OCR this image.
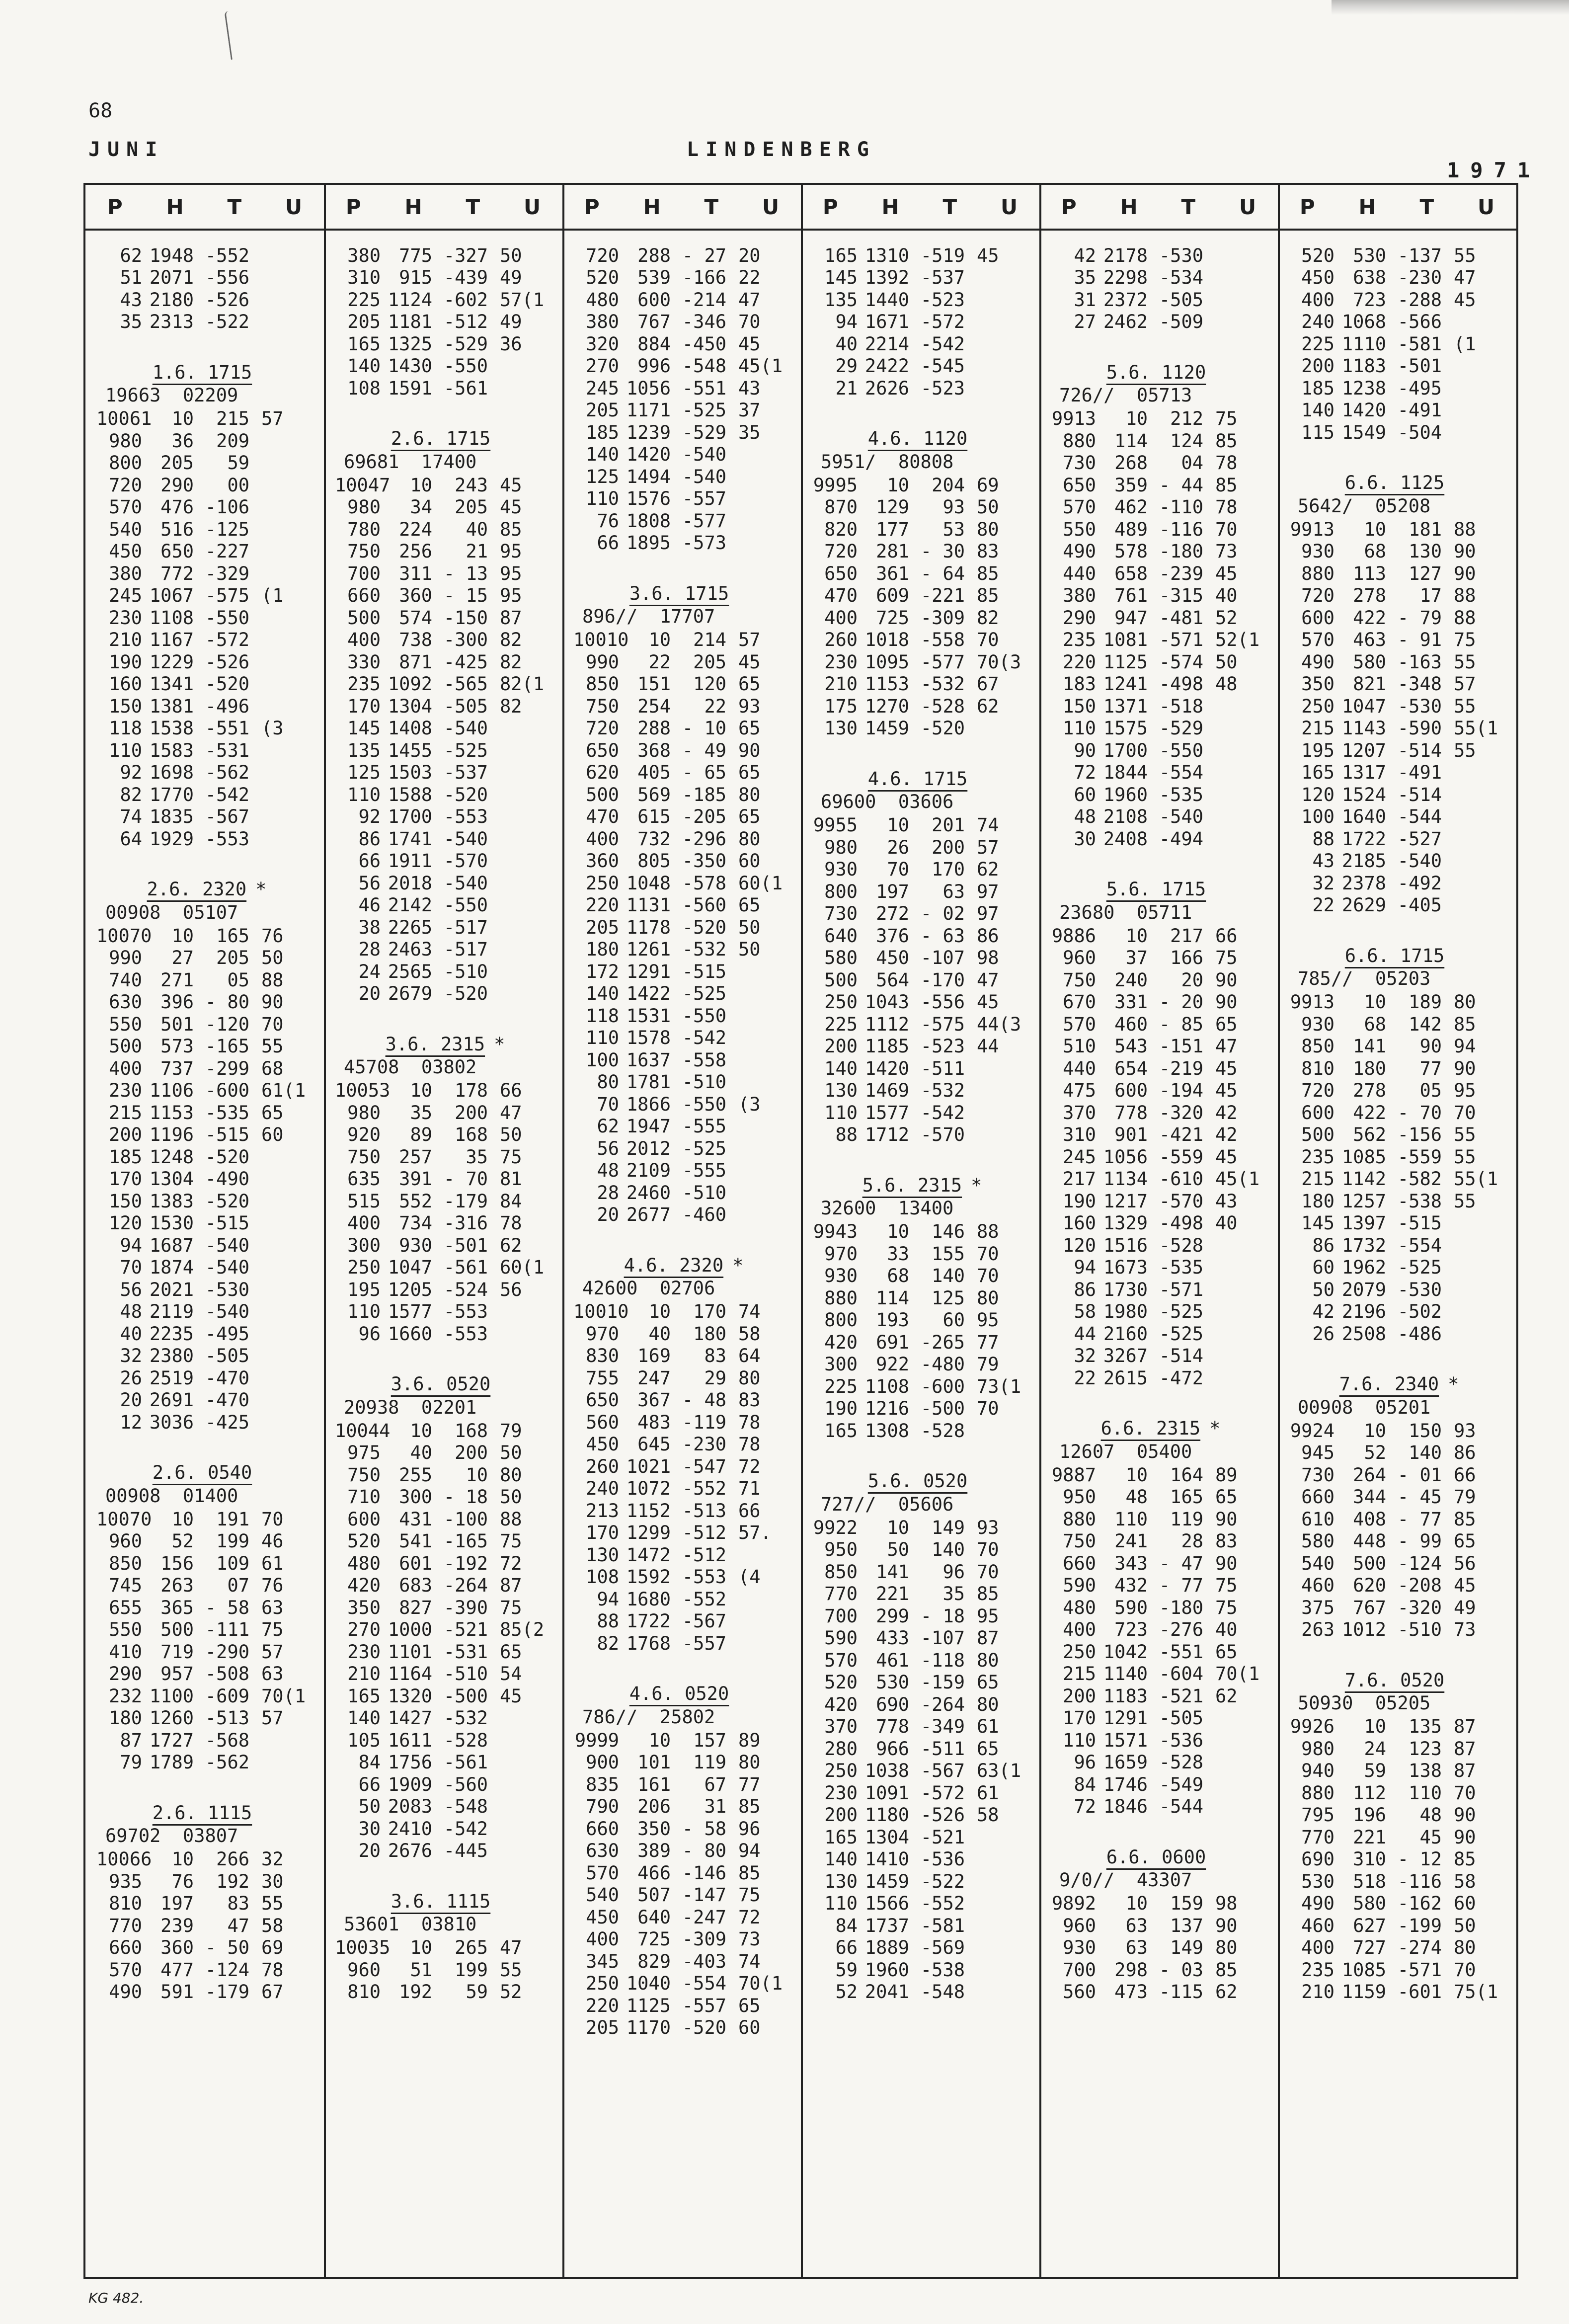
68
JUNI	LINDENBERG
1971
P H T U
62 1948 -552
51 2071 -556
43 2180 -526
35 2313 -522
1.6. 1715
19663  02209
10061	10	215 57
980	36	209
800	205	59
720	290	00
570	476 -106
540	516 -125
450	650 -227
380	772 -329
245 1067 -575 (1
230 1108 -550
210 1167 -572
190 1229 -526
160 1341 -520
150 1381 -496
118 1538 -551 (3
110 1583 -531
92 1698 -562
82 1770 -542
74 1835 -567
64 1929 -553
2.6. 2320 *
00908  05107
10070	10	165 76
990	27	205 50
740	271	05 88
630	396 - 80 90
550	501 -120 70
500	573 -165 55
400	737 -299 68
230 1106 -600 61(1
215 1153 -535 65
200 1196 -515 60
185 1248 -520
170 1304 -490
150 1383 -520
120 1530 -515
94 1687 -540
70 1874 -540
56 2021 -530
48 2119 -540
40 2235 -495
32 2380 -505
26 2519 -470
20 2691 -470
12 3036 -425
2.6. 0540
00908  01400
10070	10	191 70
960	52	199 46
850	156	109 61
745	263	07 76
655	365 - 58 63
550	500 -111 75
410	719 -290 57
290	957 -508 63
232 1100 -609 70(1
180 1260 -513 57
87 1727 -568
79 1789 -562
2.6. 1115
69702  03807
10066	10	266 32
935	76	192 30
810	197	83 55
770	239	47 58
660	360 - 50 69
570	477 -124 78
490	591 -179 67
P H T U
380	775 -327 50
310	915 -439 49
225 1124 -602 57(1
205 1181 -512 49
165 1325 -529 36
140 1430 -550
108 1591 -561
2.6. 1715
69681  17400
10047	10	243 45
980	34	205 45
780	224	40 85
750	256	21 95
700	311 - 13 95
660	360 - 15 95
500	574 -150 87
400	738 -300 82
330	871 -425 82
235 1092 -565 82(1
170 1304 -505 82
145 1408 -540
135 1455 -525
125 1503 -537
110 1588 -520
92 1700 -553
86 1741 -540
66 1911 -570
56 2018 -540
46 2142 -550
38 2265 -517
28 2463 -517
24 2565 -510
20 2679 -520
3.6. 2315 *
45708  03802
10053	10	178 66
980	35	200 47
920	89	168 50
750	257	35 75
635	391 - 70 81
515	552 -179 84
400	734 -316 78
300	930 -501 62
250 1047 -561 60(1
195 1205 -524 56
110 1577 -553
96 1660 -553
3.6. 0520
20938  02201
10044	10	168 79
975	40	200 50
750	255	10 80
710	300 - 18 50
600	431 -100 88
520	541 -165 75
480	601 -192 72
420	683 -264 87
350	827 -390 75
270 1000 -521 85(2
230 1101 -531 65
210 1164 -510 54
165 1320 -500 45
140 1427 -532
105 1611 -528
84 1756 -561
66 1909 -560
50 2083 -548
30 2410 -542
20 2676 -445
3.6. 1115
53601  03810
10035	10	265 47
960	51	199 55
810	192	59 52
P H T U
720	288 - 27 20
520	539 -166 22
480	600 -214 47
380	767 -346 70
320	884 -450 45
270	996 -548 45(1
245 1056 -551 43
205 1171 -525 37
185 1239 -529 35
140 1420 -540
125 1494 -540
110 1576 -557
76 1808 -577
66 1895 -573
3.6. 1715
896//  17707
10010	10	214 57
990	22	205 45
850	151	120 65
750	254	22 93
720	288 - 10 65
650	368 - 49 90
620	405 - 65 65
500	569 -185 80
470	615 -205 65
400	732 -296 80
360	805 -350 60
250 1048 -578 60(1
220 1131 -560 65
205 1178 -520 50
180 1261 -532 50
172 1291 -515
140 1422 -525
118 1531 -550
110 1578 -542
100 1637 -558
80 1781 -510
70 1866 -550 (3
62 1947 -555
56 2012 -525
48 2109 -555
28 2460 -510
20 2677 -460
4.6. 2320 *
42600  02706
10010	10	170 74
970	40	180 58
830	169	83 64
755	247	29 80
650	367 - 48 83
560	483 -119 78
450	645 -230 78
260 1021 -547 72
240 1072 -552 71
213 1152 -513 66
170 1299 -512 57.
130 1472 -512
108 1592 -553 (4
94 1680 -552
88 1722 -567
82 1768 -557
4.6. 0520
786//  25802
9999	10	157 89
900	101	119 80
835	161	67 77
790	206	31 85
660	350 - 58 96
630	389 - 80 94
570	466 -146 85
540	507 -147 75
450	640 -247 72
400	725 -309 73
345	829 -403 74
250 1040 -554 70(1
220 1125 -557 65
205 1170 -520 60
P H T U
165 1310 -519 45
145 1392 -537
135 1440 -523
94 1671 -572
40 2214 -542
29 2422 -545
21 2626 -523
4.6. 1120
5951/  80808
9995	10	204 69
870	129	93 50
820	177	53 80
720	281 - 30 83
650	361 - 64 85
470	609 -221 85
400	725 -309 82
260 1018 -558 70
230 1095 -577 70(3
210 1153 -532 67
175 1270 -528 62
130 1459 -520
4.6. 1715
69600  03606
9955	10	201 74
980	26	200 57
930	70	170 62
800	197	63 97
730	272 - 02 97
640	376 - 63 86
580	450 -107 98
500	564 -170 47
250 1043 -556 45
225 1112 -575 44(3
200 1185 -523 44
140 1420 -511
130 1469 -532
110 1577 -542
88 1712 -570
5.6. 2315 *
32600  13400
9943	10	146 88
970	33	155 70
930	68	140 70
880	114	125 80
800	193	60 95
420	691 -265 77
300	922 -480 79
225 1108 -600 73(1
190 1216 -500 70
165 1308 -528
5.6. 0520
727//  05606
9922	10	149 93
950	50	140 70
850	141	96 70
770	221	35 85
700	299 - 18 95
590	433 -107 87
570	461 -118 80
520	530 -159 65
420	690 -264 80
370	778 -349 61
280	966 -511 65
250 1038 -567 63(1
230 1091 -572 61
200 1180 -526 58
165 1304 -521
140 1410 -536
130 1459 -522
110 1566 -552
84 1737 -581
66 1889 -569
59 1960 -538
52 2041 -548
P H T U
42 2178 -530
35 2298 -534
31 2372 -505
27 2462 -509
5.6. 1120
726//  05713
9913	10	212 75
880	114	124 85
730	268	04 78
650	359 - 44 85
570	462 -110 78
550	489 -116 70
490	578 -180 73
440	658 -239 45
380	761 -315 40
290	947 -481 52
235 1081 -571 52(1
220 1125 -574 50
183 1241 -498 48
150 1371 -518
110 1575 -529
90 1700 -550
72 1844 -554
60 1960 -535
48 2108 -540
30 2408 -494
5.6. 1715
23680  05711
9886	10	217 66
960	37	166 75
750	240	20 90
670	331 - 20 90
570	460 - 85 65
510	543 -151 47
440	654 -219 45
475	600 -194 45
370	778 -320 42
310	901 -421 42
245 1056 -559 45
217 1134 -610 45(1
190 1217 -570 43
160 1329 -498 40
120 1516 -528
94 1673 -535
86 1730 -571
58 1980 -525
44 2160 -525
32 3267 -514
22 2615 -472
6.6. 2315 *
12607  05400
9887	10	164 89
950	48	165 65
880	110	119 90
750	241	28 83
660	343 - 47 90
590	432 - 77 75
480	590 -180 75
400	723 -276 40
250 1042 -551 65
215 1140 -604 70(1
200 1183 -521 62
170 1291 -505
110 1571 -536
96 1659 -528
84 1746 -549
72 1846 -544
6.6. 0600
9/0//  43307
9892	10	159 98
960	63	137 90
930	63	149 80
700	298 - 03 85
560	473 -115 62
P H T U
520	530 -137 55
450	638 -230 47
400	723 -288 45
240 1068 -566
225 1110 -581 (1
200 1183 -501
185 1238 -495
140 1420 -491
115 1549 -504
6.6. 1125
5642/  05208
9913	10	181 88
930	68	130 90
880	113	127 90
720	278	17 88
600	422 - 79 88
570	463 - 91 75
490	580 -163 55
350	821 -348 57
250 1047 -530 55
215 1143 -590 55(1
195 1207 -514 55
165 1317 -491
120 1524 -514
100 1640 -544
88 1722 -527
43 2185 -540
32 2378 -492
22 2629 -405
6.6. 1715
785//  05203
9913	10	189 80
930	68	142 85
850	141	90 94
810	180	77 90
720	278	05 95
600	422 - 70 70
500	562 -156 55
235 1085 -559 55
215 1142 -582 55(1
180 1257 -538 55
145 1397 -515
86 1732 -554
60 1962 -525
50 2079 -530
42 2196 -502
26 2508 -486
7.6. 2340 *
00908  05201
9924	10	150 93
945	52	140 86
730	264 - 01 66
660	344 - 45 79
610	408 - 77 85
580	448 - 99 65
540	500 -124 56
460	620 -208 45
375	767 -320 49
263 1012 -510 73
7.6. 0520
50930  05205
9926	10	135 87
980	24	123 87
940	59	138 87
880	112	110 70
795	196	48 90
770	221	45 90
690	310 - 12 85
530	518 -116 58
490	580 -162 60
460	627 -199 50
400	727 -274 80
235 1085 -571 70
210 1159 -601 75(1
KG 482.
